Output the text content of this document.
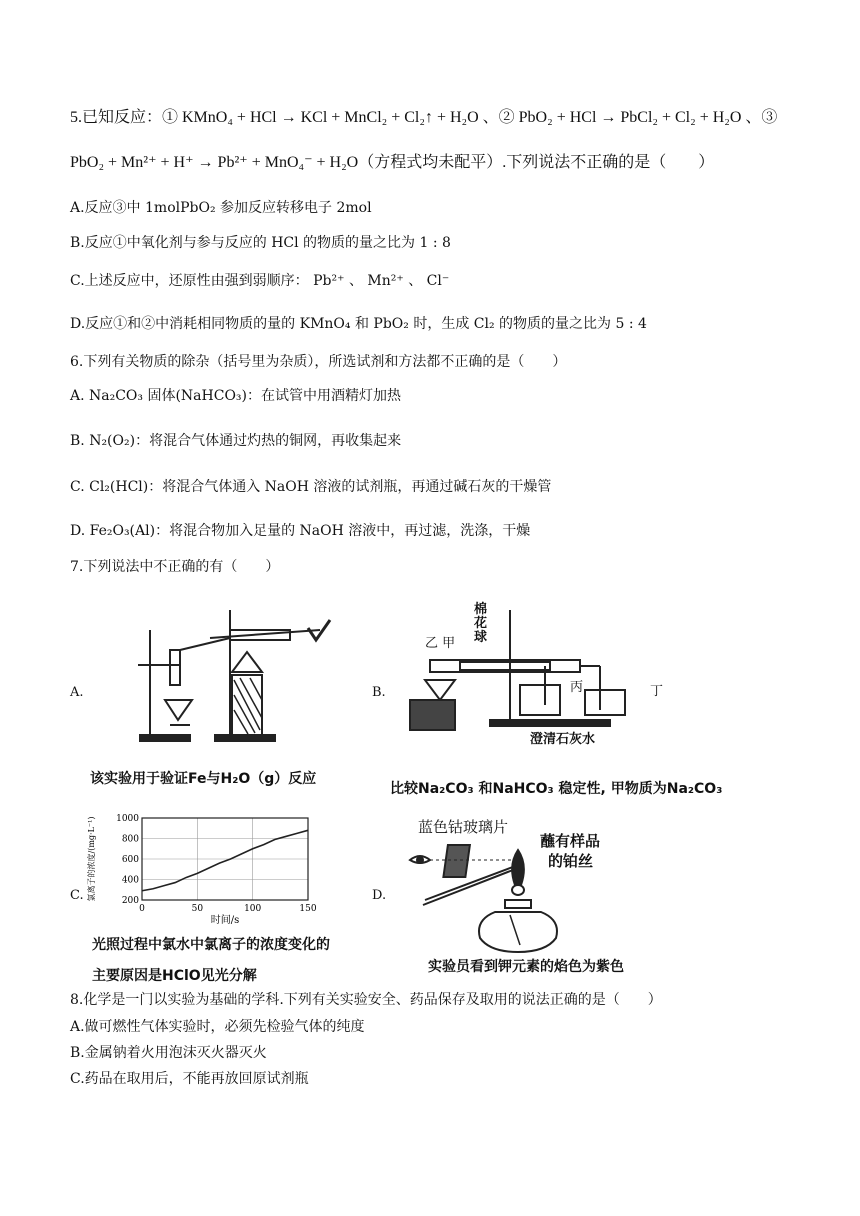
5.已知反应：① KMnO₄ + HCl → KCl + MnCl₂ + Cl₂↑ + H₂O 、② PbO₂ + HCl → PbCl₂ + Cl₂ + H₂O 、③
PbO₂ + Mn²⁺ + H⁺ → Pb²⁺ + MnO₄⁻ + H₂O（方程式均未配平）.下列说法不正确的是（　　）
A.反应③中 1molPbO₂ 参加反应转移电子 2mol
B.反应①中氧化剂与参与反应的 HCl 的物质的量之比为 1 : 8
C.上述反应中，还原性由强到弱顺序： Pb²⁺ 、 Mn²⁺ 、 Cl⁻
D.反应①和②中消耗相同物质的量的 KMnO₄ 和 PbO₂ 时，生成 Cl₂ 的物质的量之比为 5 : 4
6.下列有关物质的除杂（括号里为杂质），所选试剂和方法都不正确的是（　　）
A. Na₂CO₃ 固体(NaHCO₃)：在试管中用酒精灯加热
B. N₂(O₂)：将混合气体通过灼热的铜网，再收集起来
C. Cl₂(HCl)：将混合气体通入 NaOH 溶液的试剂瓶，再通过碱石灰的干燥管
D. Fe₂O₃(Al)：将混合物加入足量的 NaOH 溶液中，再过滤，洗涤，干燥
7.下列说法中不正确的有（　　）
A.
该实验用于验证Fe与H₂O（g）反应
B.
棉花球
乙 甲
丙	丁
澄清石灰水
比较Na₂CO₃ 和NaHCO₃ 稳定性, 甲物质为Na₂CO₃
C.	200
400
600
800
1000
0	50	100	150
时间/s
氯离子的浓度/(mg·L⁻¹)
光照过程中氯水中氯离子的浓度变化的
主要原因是HClO见光分解
D.
蓝色钴玻璃片
蘸有样品
的铂丝
实验员看到钾元素的焰色为紫色
8.化学是一门以实验为基础的学科.下列有关实验安全、药品保存及取用的说法正确的是（　　）
A.做可燃性气体实验时，必须先检验气体的纯度
B.金属钠着火用泡沫灭火器灭火
C.药品在取用后，不能再放回原试剂瓶
